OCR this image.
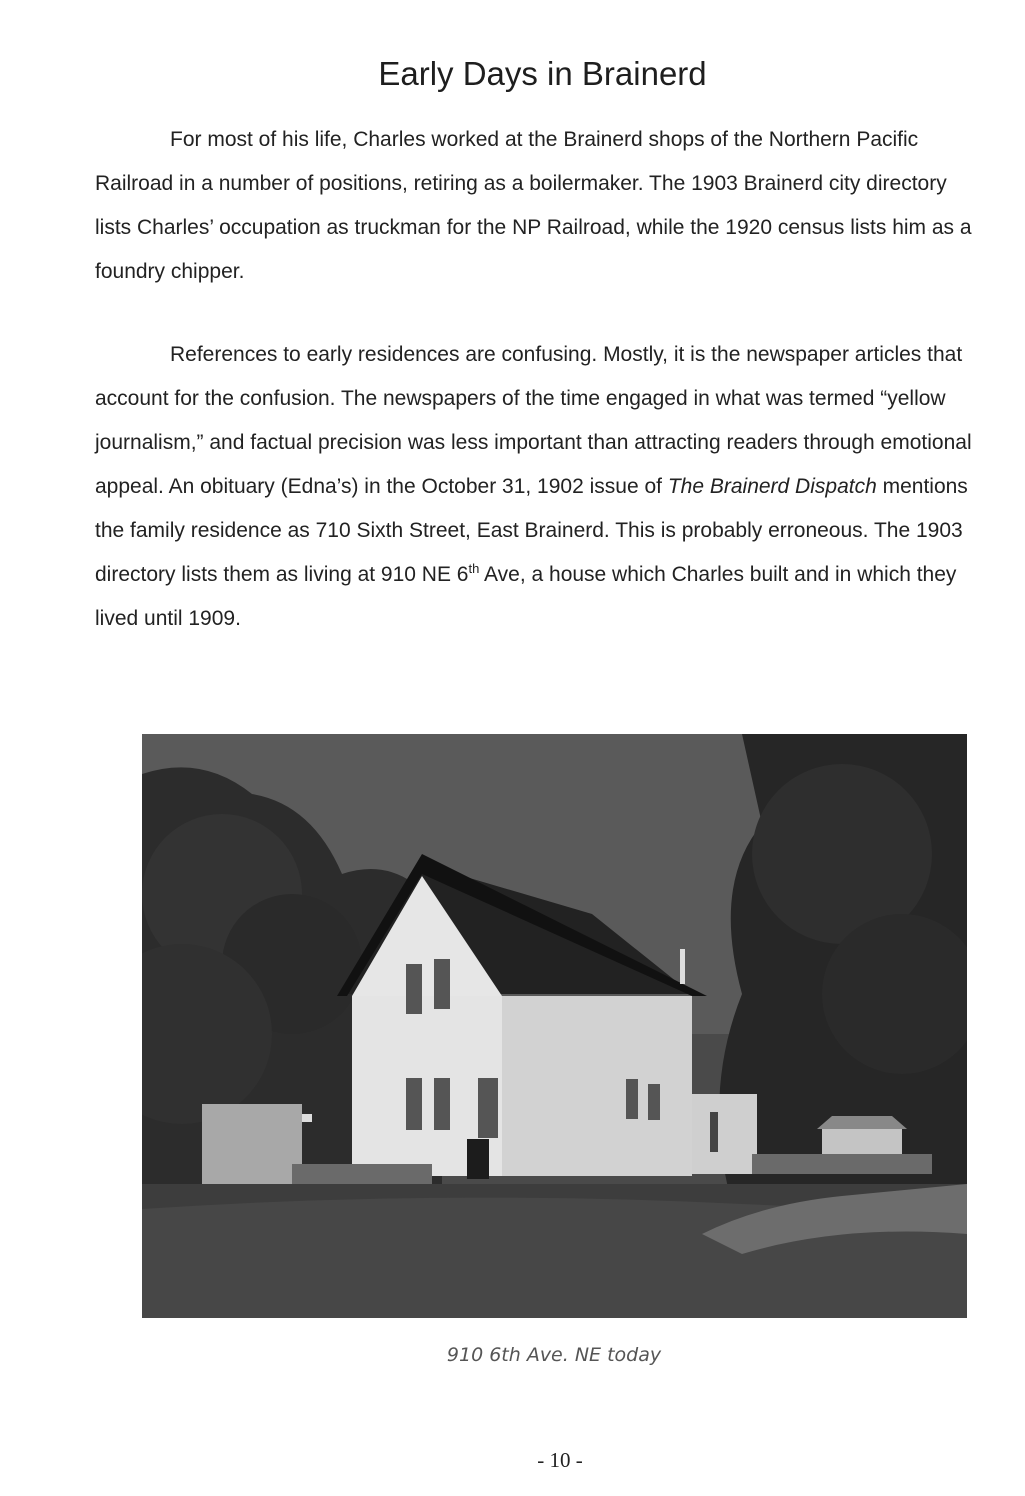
Early Days in Brainerd
For most of his life, Charles worked at the Brainerd shops of the Northern Pacific Railroad in a number of positions, retiring as a boilermaker. The 1903 Brainerd city directory lists Charles’ occupation as truckman for the NP Railroad, while the 1920 census lists him as a foundry chipper.
References to early residences are confusing. Mostly, it is the newspaper articles that account for the confusion. The newspapers of the time engaged in what was termed “yellow journalism,” and factual precision was less important than attracting readers through emotional appeal. An obituary (Edna’s) in the October 31, 1902 issue of The Brainerd Dispatch mentions the family residence as 710 Sixth Street, East Brainerd. This is probably erroneous. The 1903 directory lists them as living at 910 NE 6th Ave, a house which Charles built and in which they lived until 1909.
910 6th Ave. NE today
- 10 -
